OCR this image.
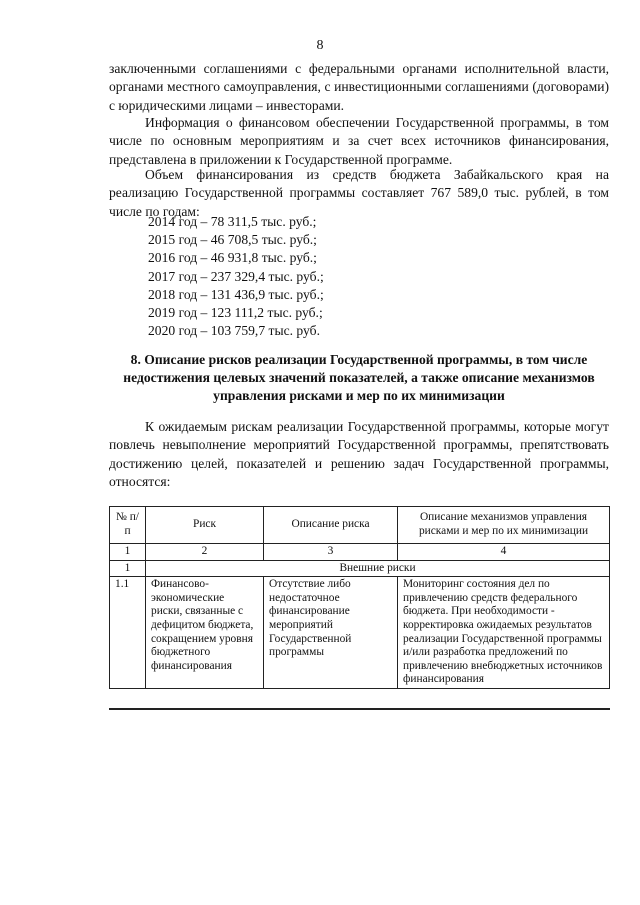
8
заключенными соглашениями с федеральными органами исполнительной власти, органами местного самоуправления, с инвестиционными соглашениями (договорами) с юридическими лицами – инвесторами.
Информация о финансовом обеспечении Государственной программы, в том числе по основным мероприятиям и за счет всех источников финансирования, представлена в приложении к Государственной программе.
Объем финансирования из средств бюджета Забайкальского края на реализацию Государственной программы составляет 767 589,0 тыс. рублей, в том числе по годам:
2014 год – 78 311,5 тыс. руб.;
2015 год – 46 708,5 тыс. руб.;
2016 год – 46 931,8 тыс. руб.;
2017 год – 237 329,4 тыс. руб.;
2018 год – 131 436,9 тыс. руб.;
2019 год – 123 111,2 тыс. руб.;
2020 год – 103 759,7 тыс. руб.
8. Описание рисков реализации Государственной программы, в том числе недостижения целевых значений показателей, а также описание механизмов управления рисками и мер по их минимизации
К ожидаемым рискам реализации Государственной программы, которые могут повлечь невыполнение мероприятий Государственной программы, препятствовать достижению целей, показателей и решению задач Государственной программы, относятся:
№ п/п	Риск	Описание риска	Описание механизмов управления рисками и мер по их минимизации
1	2	3	4
1	Внешние риски		
1.1	Финансово-экономические риски, связанные с дефицитом бюджета, сокращением уровня бюджетного финансирования	Отсутствие либо недостаточное финансирование мероприятий Государственной программы	Мониторинг состояния дел по привлечению средств федерального бюджета. При необходимости - корректировка ожидаемых результатов реализации Государственной программы и/или разработка предложений по привлечению внебюджетных источников финансирования
